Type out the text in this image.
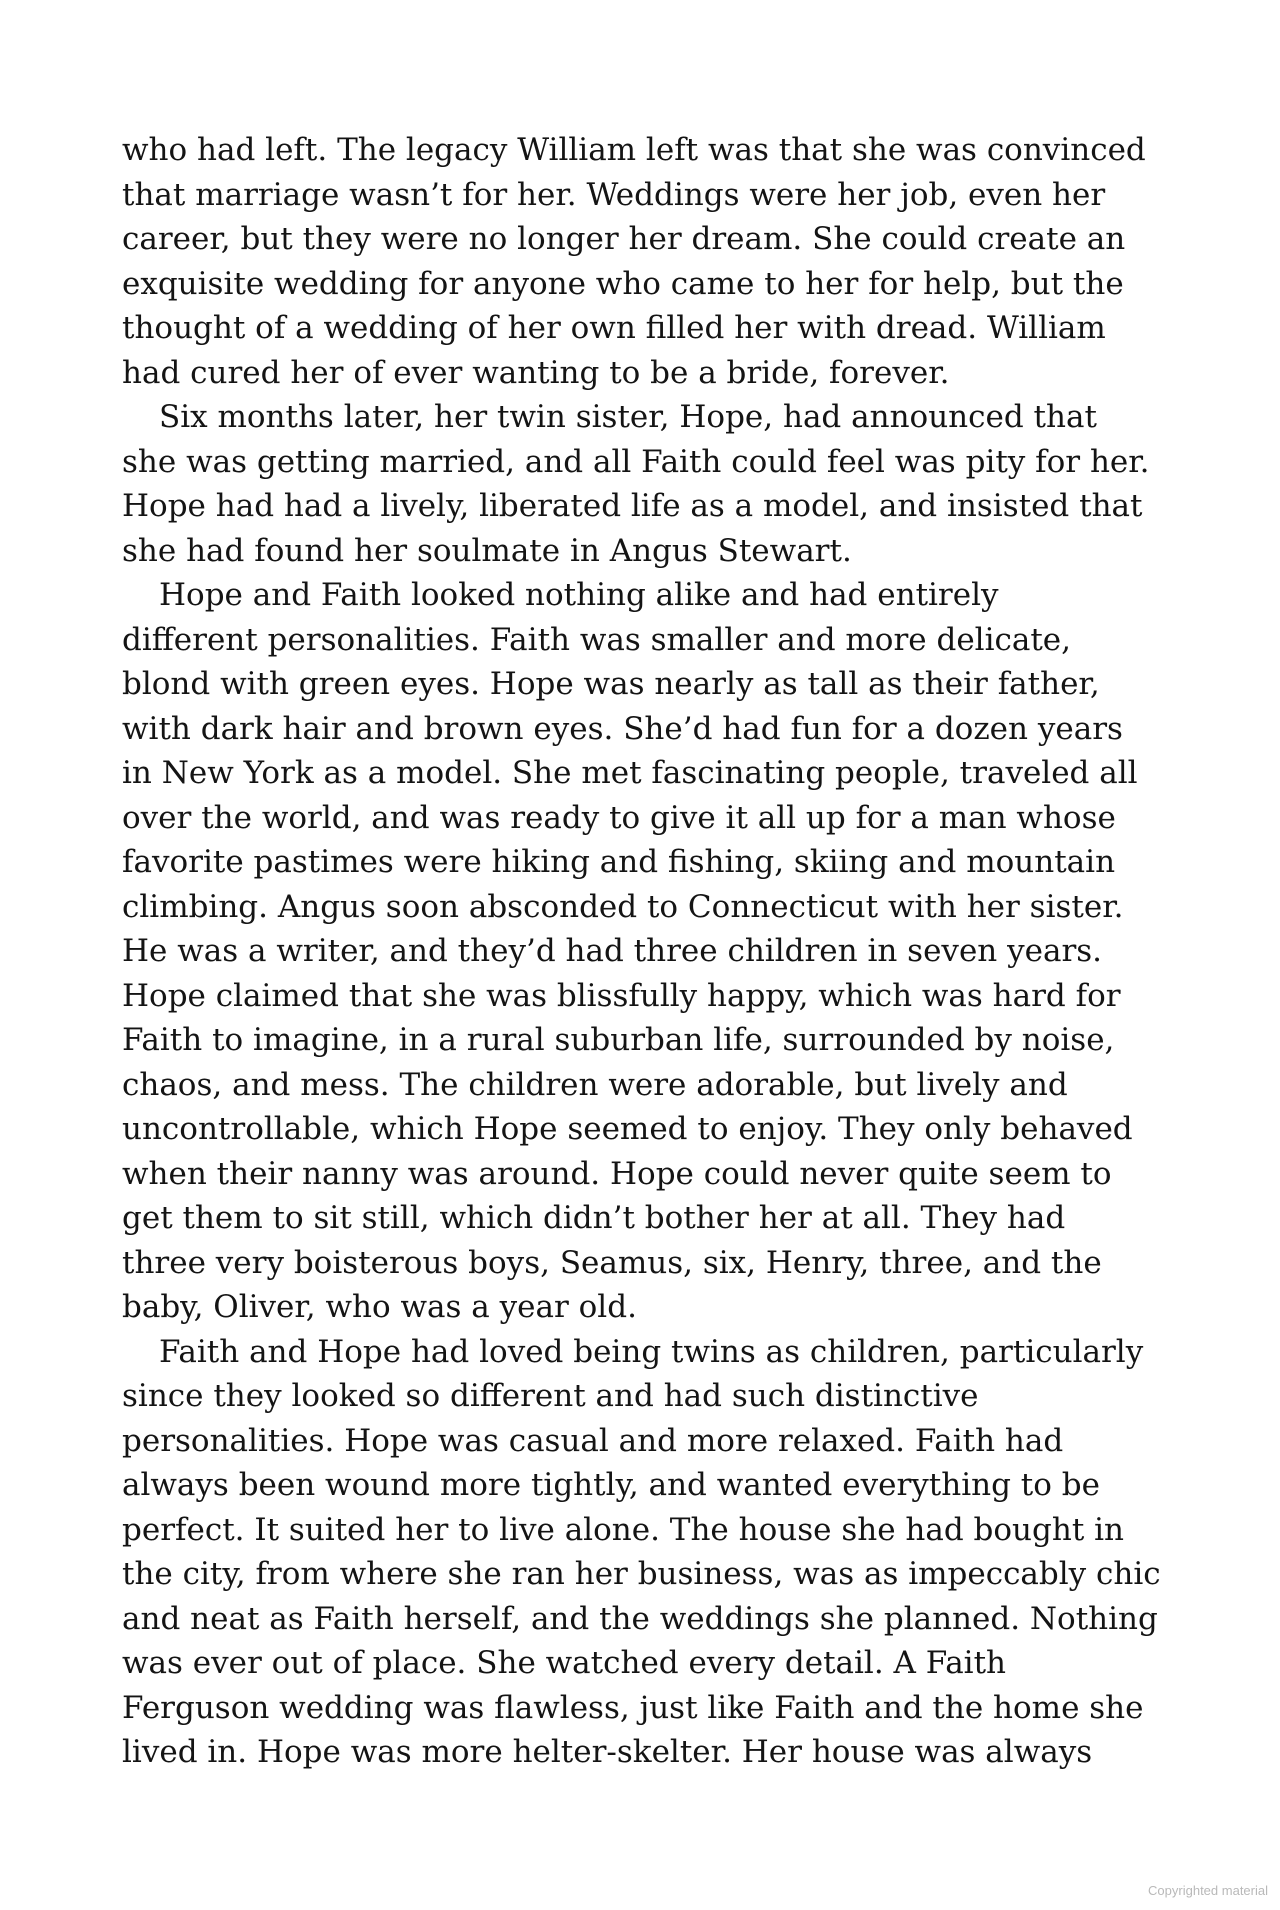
who had left. The legacy William left was that she was convinced
that marriage wasn’t for her. Weddings were her job, even her
career, but they were no longer her dream. She could create an
exquisite wedding for anyone who came to her for help, but the
thought of a wedding of her own filled her with dread. William
had cured her of ever wanting to be a bride, forever.
Six months later, her twin sister, Hope, had announced that
she was getting married, and all Faith could feel was pity for her.
Hope had had a lively, liberated life as a model, and insisted that
she had found her soulmate in Angus Stewart.
Hope and Faith looked nothing alike and had entirely
different personalities. Faith was smaller and more delicate,
blond with green eyes. Hope was nearly as tall as their father,
with dark hair and brown eyes. She’d had fun for a dozen years
in New York as a model. She met fascinating people, traveled all
over the world, and was ready to give it all up for a man whose
favorite pastimes were hiking and fishing, skiing and mountain
climbing. Angus soon absconded to Connecticut with her sister.
He was a writer, and they’d had three children in seven years.
Hope claimed that she was blissfully happy, which was hard for
Faith to imagine, in a rural suburban life, surrounded by noise,
chaos, and mess. The children were adorable, but lively and
uncontrollable, which Hope seemed to enjoy. They only behaved
when their nanny was around. Hope could never quite seem to
get them to sit still, which didn’t bother her at all. They had
three very boisterous boys, Seamus, six, Henry, three, and the
baby, Oliver, who was a year old.
Faith and Hope had loved being twins as children, particularly
since they looked so different and had such distinctive
personalities. Hope was casual and more relaxed. Faith had
always been wound more tightly, and wanted everything to be
perfect. It suited her to live alone. The house she had bought in
the city, from where she ran her business, was as impeccably chic
and neat as Faith herself, and the weddings she planned. Nothing
was ever out of place. She watched every detail. A Faith
Ferguson wedding was flawless, just like Faith and the home she
lived in. Hope was more helter-skelter. Her house was always
Copyrighted material
